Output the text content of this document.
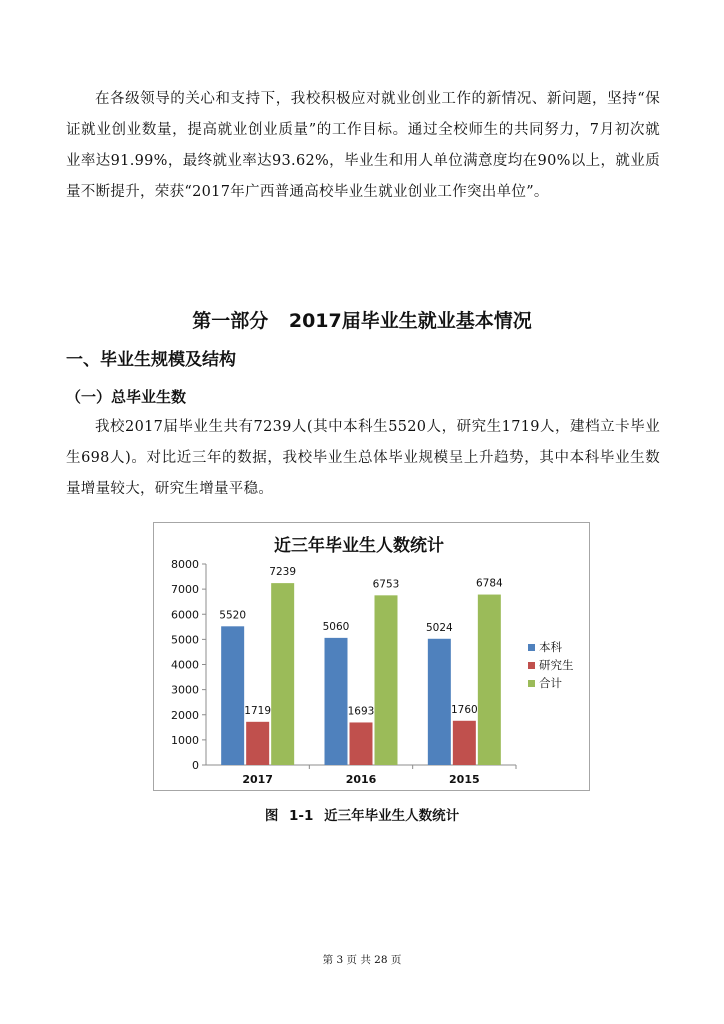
在各级领导的关心和支持下，我校积极应对就业创业工作的新情况、新问题，坚持“保证就业创业数量，提高就业创业质量”的工作目标。通过全校师生的共同努力，7月初次就业率达91.99%，最终就业率达93.62%，毕业生和用人单位满意度均在90%以上，就业质量不断提升，荣获“2017年广西普通高校毕业生就业创业工作突出单位”。

第一部分 2017届毕业生就业基本情况
一、毕业生规模及结构
（一）总毕业生数

我校2017届毕业生共有7239人(其中本科生5520人，研究生1719人，建档立卡毕业生698人)。对比近三年的数据，我校毕业生总体毕业规模呈上升趋势，其中本科毕业生数量增量较大，研究生增量平稳。

近三年毕业生人数统计
0
1000
2000
3000
4000
5000
6000
7000
8000
2017
5520
1719
7239
2016
5060
1693
6753
2015
5024
1760
6784
本科
研究生
合计

图 1-1 近三年毕业生人数统计

第 3 页 共 28 页
